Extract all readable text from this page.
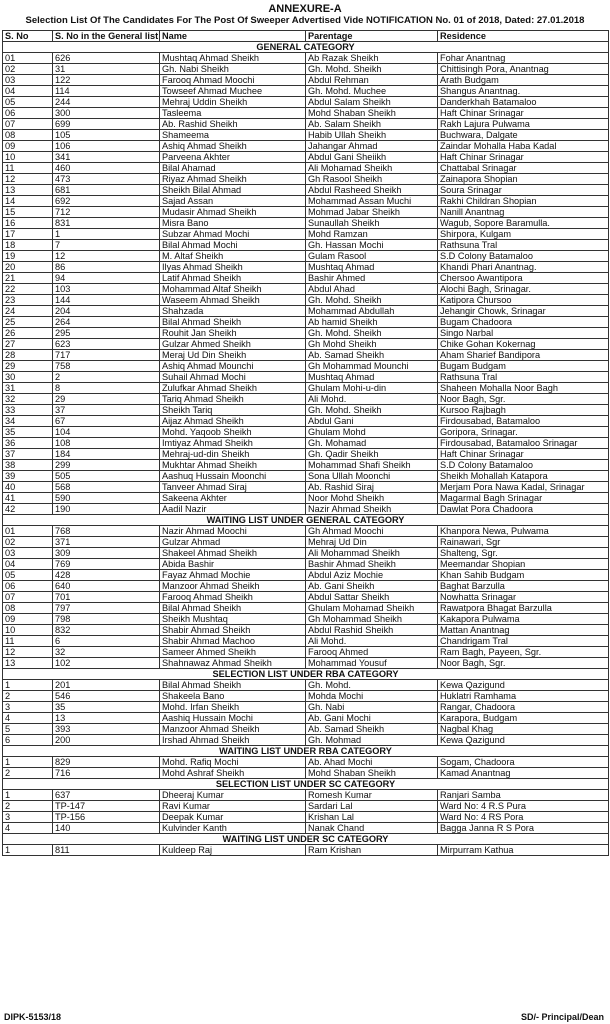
ANNEXURE-A
Selection List Of The Candidates For The Post Of Sweeper Advertised Vide NOTIFICATION No. 01 of 2018, Dated: 27.01.2018
S. No	S. No in the General list	Name	Parentage	Residence
GENERAL CATEGORY				
01	626	Mushtaq Ahmad Sheikh	Ab Razak Sheikh	Fohar Anantnag
02	31	Gh. Nabi Sheikh	Gh. Mohd. Sheikh	Chittisingh Pora, Anantnag
03	122	Farooq Ahmad Moochi	Abdul Rehman	Arath Budgam
04	114	Towseef Ahmad Muchee	Gh. Mohd. Muchee	Shangus Anantnag.
05	244	Mehraj Uddin Sheikh	Abdul Salam Sheikh	Danderkhah Batamaloo
06	300	Tasleema	Mohd Shaban Sheikh	Haft Chinar Srinagar
07	699	Ab. Rashid Sheikh	Ab. Salam Sheikh	Rakh Lajura Pulwama
08	105	Shameema	Habib Ullah Sheikh	Buchwara, Dalgate
09	106	Ashiq Ahmad Sheikh	Jahangar Ahmad	Zaindar Mohalla Haba Kadal
10	341	Parveena Akhter	Abdul Gani Sheiikh	Haft Chinar Srinagar
11	460	Bilal Ahamad	Ali Mohamad Sheikh	Chattabal Srinagar
12	473	Riyaz Ahmad Sheikh	Gh Rasool Sheikh	Zainapora Shopian
13	681	Sheikh Bilal Ahmad	Abdul Rasheed Sheikh	Soura Srinagar
14	692	Sajad Assan	Mohammad Assan Muchi	Rakhi Childran Shopian
15	712	Mudasir Ahmad Sheikh	Mohmad Jabar Sheikh	Nanill Anantnag
16	831	Misra Bano	Sunaullah Sheikh	Wagub, Sopore Baramulla.
17	1	Subzar Ahmad Mochi	Mohd Ramzan	Shirpora, Kulgam
18	7	Bilal Ahmad Mochi	Gh. Hassan Mochi	Rathsuna Tral
19	12	M. Altaf Sheikh	Gulam Rasool	S.D Colony Batamaloo
20	86	Ilyas Ahmad Sheikh	Mushtaq Ahmad	Khandi Phari Anantnag.
21	94	Latif Ahmad Sheikh	Bashir Ahmed	Chersoo Awantipora
22	103	Mohammad Altaf Sheikh	Abdul Ahad	Alochi Bagh, Srinagar.
23	144	Waseem Ahmad Sheikh	Gh. Mohd. Sheikh	Katipora Chursoo
24	204	Shahzada	Mohammad Abdullah	Jehangir Chowk, Srinagar
25	264	Bilal Ahmad Sheikh	Ab hamid Sheikh	Bugam Chadoora
26	295	Rouhit Jan Sheikh	Gh. Mohd. Sheikh	Singo Narbal
27	623	Gulzar Ahmed Sheikh	Gh Mohd Sheikh	Chike Gohan Kokernag
28	717	Meraj Ud Din Sheikh	Ab. Samad Sheikh	Aham Sharief Bandipora
29	758	Ashiq Ahmad Mounchi	Gh Mohammad Mounchi	Bugam Budgam
30	2	Suhail Ahmad Mochi	Mushtaq Ahmad	Rathsuna Tral
31	8	Zulufkar Ahmad Sheikh	Ghulam Mohi-u-din	Shaheen Mohalla Noor Bagh
32	29	Tariq Ahmad Sheikh	Ali Mohd.	Noor Bagh, Sgr.
33	37	Sheikh Tariq	Gh. Mohd. Sheikh	Kursoo Rajbagh
34	67	Aijaz Ahmad Sheikh	Abdul Gani	Firdousabad, Batamaloo
35	104	Mohd. Yaqoob Sheikh	Ghulam Mohd	Goripora, Srinagar.
36	108	Imtiyaz Ahmad Sheikh	Gh. Mohamad	Firdousabad, Batamaloo Srinagar
37	184	Mehraj-ud-din Sheikh	Gh. Qadir Sheikh	Haft Chinar Srinagar
38	299	Mukhtar Ahmad Sheikh	Mohammad Shafi Sheikh	S.D Colony Batamaloo
39	505	Aashuq Hussain Moonchi	Sona Ullah Moonchi	Sheikh Mohallah Katapora
40	568	Tanveer Ahmad Siraj	Ab. Rashid Siraj	Merjam Pora Nawa Kadal, Srinagar
41	590	Sakeena Akhter	Noor Mohd Sheikh	Magarmal Bagh Srinagar
42	190	Aadil Nazir	Nazir Ahmad Sheikh	Dawlat Pora Chadoora
WAITING LIST UNDER GENERAL CATEGORY				
01	768	Nazir Ahmad Moochi	Gh Ahmad Moochi	Khanpora Newa, Pulwama
02	371	Gulzar Ahmad	Mehraj Ud Din	Rainawari, Sgr
03	309	Shakeel Ahmad Sheikh	Ali Mohammad Sheikh	Shalteng, Sgr.
04	769	Abida Bashir	Bashir Ahmad Sheikh	Meemandar Shopian
05	428	Fayaz Ahmad Mochie	Abdul Aziz Mochie	Khan Sahib Budgam
06	640	Manzoor Ahmad Sheikh	Ab. Gani Sheikh	Baghat Barzulla
07	701	Farooq Ahmad Sheikh	Abdul Sattar Sheikh	Nowhatta Srinagar
08	797	Bilal Ahmad Sheikh	Ghulam Mohamad Sheikh	Rawatpora Bhagat Barzulla
09	798	Sheikh Mushtaq	Gh Mohammad Sheikh	Kakapora Pulwama
10	832	Shabir Ahmad Sheikh	Abdul Rashid Sheikh	Mattan Anantnag
11	6	Shabir Ahmad Machoo	Ali Mohd.	Chandrigam Tral
12	32	Sameer Ahmed Sheikh	Farooq Ahmed	Ram Bagh, Payeen, Sgr.
13	102	Shahnawaz Ahmad Sheikh	Mohammad Yousuf	Noor Bagh, Sgr.
SELECTION LIST UNDER RBA CATEGORY				
1	201	Bilal Ahmad Sheikh	Gh. Mohd.	Kewa Qazigund
2	546	Shakeela Bano	Mohda Mochi	Huklatri Ramhama
3	35	Mohd. Irfan Sheikh	Gh. Nabi	Rangar, Chadoora
4	13	Aashiq Hussain Mochi	Ab. Gani Mochi	Karapora, Budgam
5	393	Manzoor Ahmad Sheikh	Ab. Samad Sheikh	Nagbal Khag
6	200	Irshad Ahmad Sheikh	Gh. Mohmad	Kewa Qazigund
WAITING LIST UNDER RBA CATEGORY				
1	829	Mohd. Rafiq Mochi	Ab. Ahad Mochi	Sogam, Chadoora
2	716	Mohd Ashraf Sheikh	Mohd Shaban Sheikh	Kamad Anantnag
SELECTION LIST UNDER SC CATEGORY				
1	637	Dheeraj Kumar	Romesh Kumar	Ranjari Samba
2	TP-147	Ravi Kumar	Sardari Lal	Ward No: 4 R.S Pura
3	TP-156	Deepak Kumar	Krishan Lal	Ward No: 4 RS Pora
4	140	Kulvinder Kanth	Nanak Chand	Bagga Janna R S Pora
WAITING LIST UNDER SC CATEGORY				
1	811	Kuldeep Raj	Ram Krishan	Mirpurram Kathua
DIPK-5153/18	SD/- Principal/Dean
